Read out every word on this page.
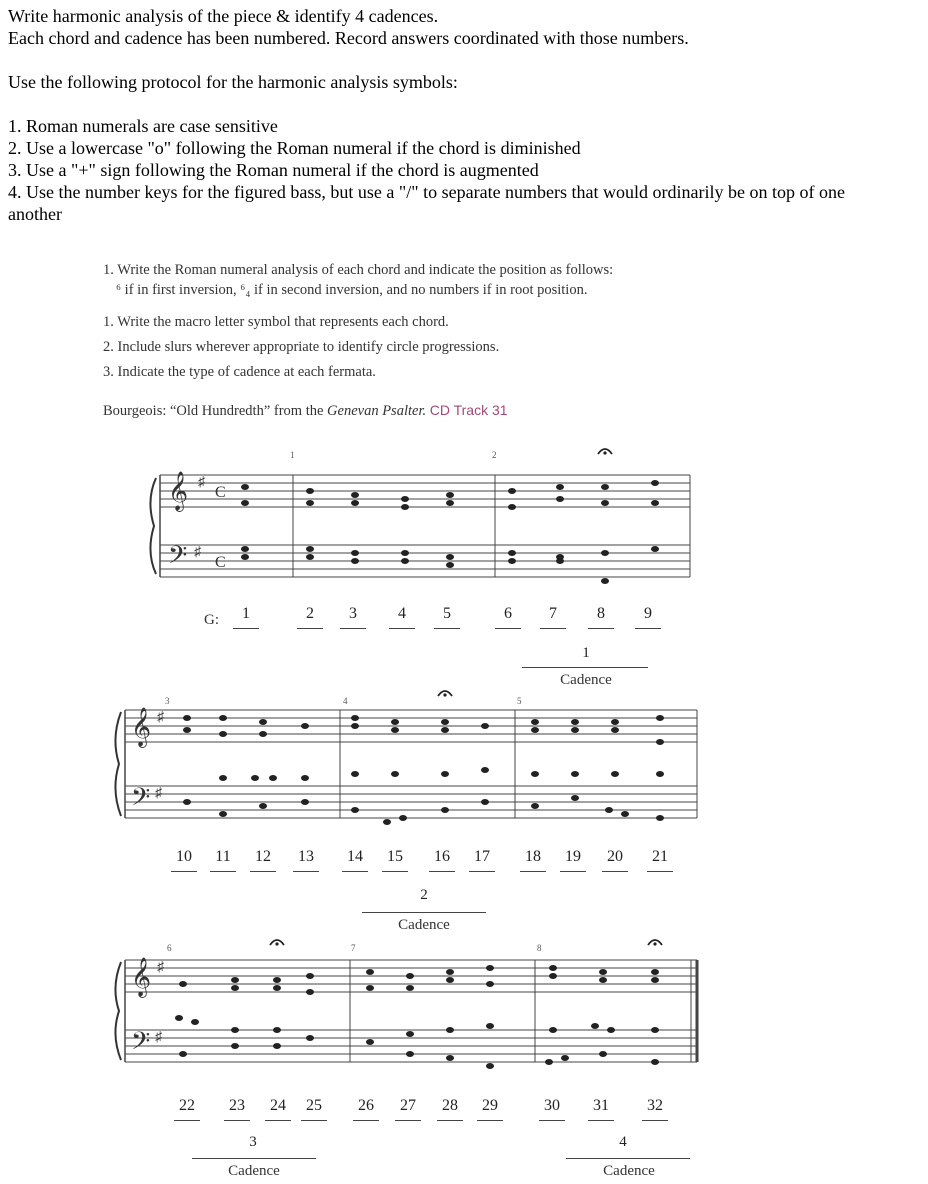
Write harmonic analysis of the piece & identify 4 cadences.
Each chord and cadence has been numbered. Record answers coordinated with those numbers.
Use the following protocol for the harmonic analysis symbols:
1. Roman numerals are case sensitive
2. Use a lowercase "o" following the Roman numeral if the chord is diminished
3. Use a "+" sign following the Roman numeral if the chord is augmented
4. Use the number keys for the figured bass, but use a "/" to separate numbers that would ordinarily be on top of one
another
1. Write the Roman numeral analysis of each chord and indicate the position as follows:
⁶ if in first inversion, ⁶₄ if in second inversion, and no numbers if in root position.
1. Write the macro letter symbol that represents each chord.
2. Include slurs wherever appropriate to identify circle progressions.
3. Indicate the type of cadence at each fermata.
Bourgeois: “Old Hundredth” from the Genevan Psalter. CD Track 31
𝄞
𝄢
♯
♯
C
C
1	2
𝄞
𝄢
♯
♯
3	4	5
𝄞
𝄢
♯
♯
6	7	8
G:	1	2	3	4	5	6	7	8	9
10	11	12	13	14	15	16	17	18	19	20	21
22	23	24	25	26	27	28	29	30	31	32
1
Cadence
2
Cadence
3
Cadence
4
Cadence
